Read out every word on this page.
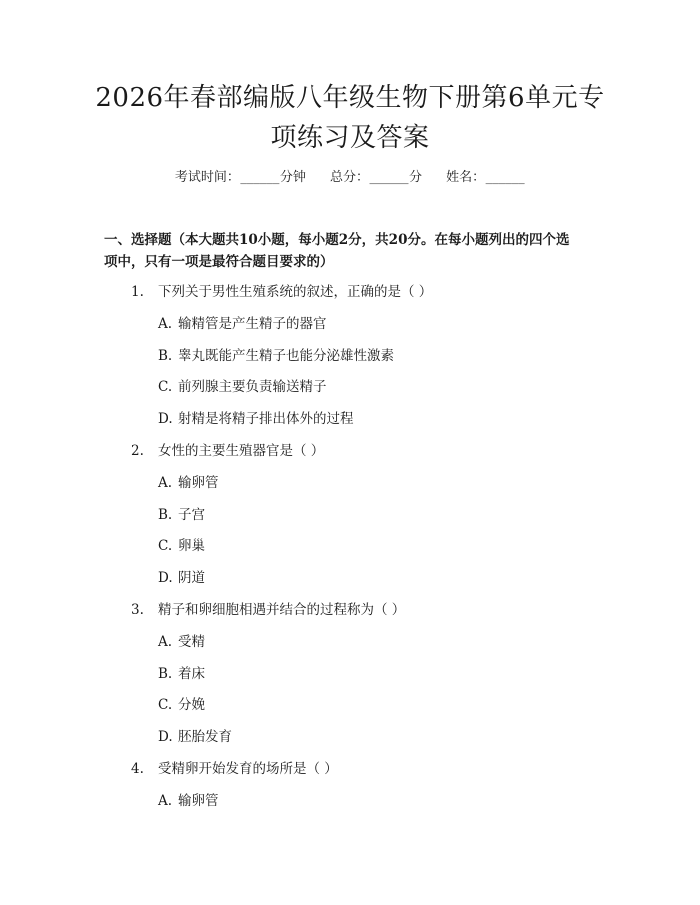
2026年春部编版八年级生物下册第6单元专
项练习及答案
考试时间：______分钟 总分：______分 姓名：______
一、选择题（本大题共10小题，每小题2分，共20分。在每小题列出的四个选
项中，只有一项是最符合题目要求的）
1. 下列关于男性生殖系统的叙述，正确的是（ ）
A. 输精管是产生精子的器官
B. 睾丸既能产生精子也能分泌雄性激素
C. 前列腺主要负责输送精子
D. 射精是将精子排出体外的过程
2. 女性的主要生殖器官是（ ）
A. 输卵管
B. 子宫
C. 卵巢
D. 阴道
3. 精子和卵细胞相遇并结合的过程称为（ ）
A. 受精
B. 着床
C. 分娩
D. 胚胎发育
4. 受精卵开始发育的场所是（ ）
A. 输卵管
